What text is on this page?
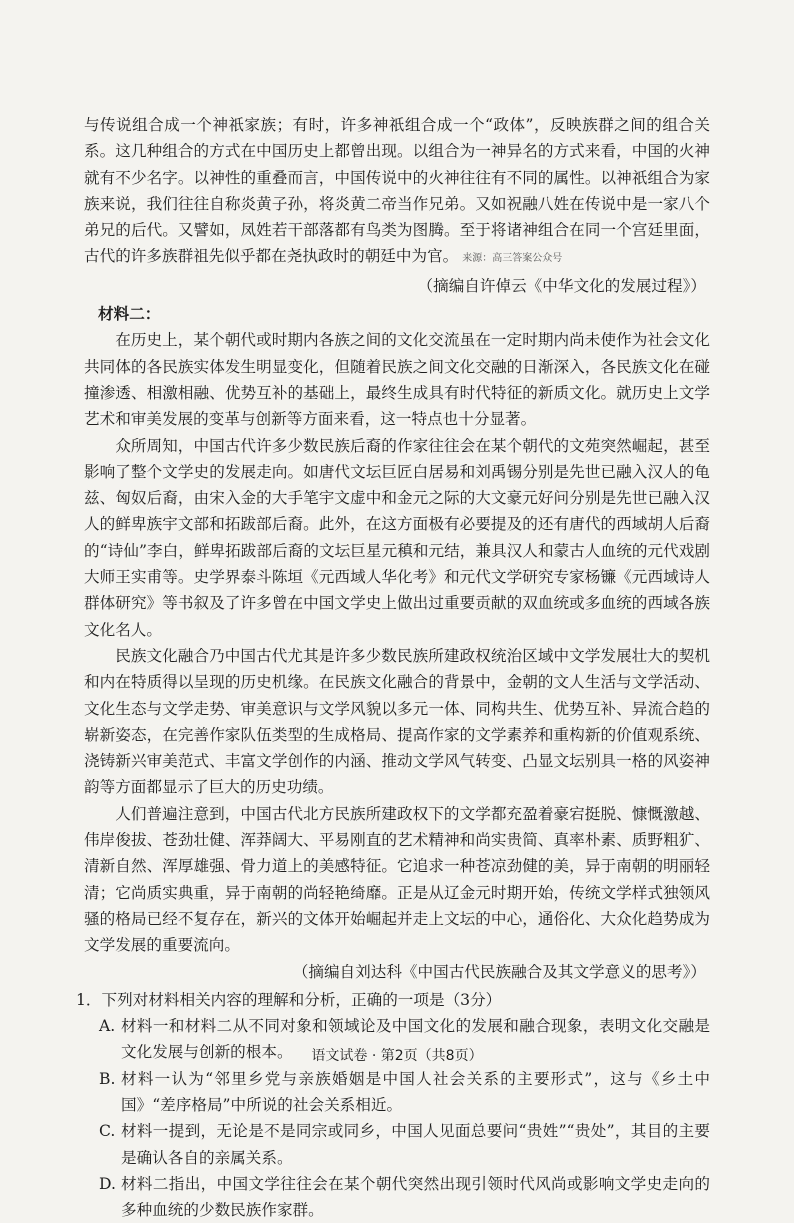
与传说组合成一个神祇家族；有时，许多神祇组合成一个“政体”，反映族群之间的组合关系。这几种组合的方式在中国历史上都曾出现。以组合为一神异名的方式来看，中国的火神就有不少名字。以神性的重叠而言，中国传说中的火神往往有不同的属性。以神祇组合为家族来说，我们往往自称炎黄子孙，将炎黄二帝当作兄弟。又如祝融八姓在传说中是一家八个弟兄的后代。又譬如，凤姓若干部落都有鸟类为图腾。至于将诸神组合在同一个宫廷里面，古代的许多族群祖先似乎都在尧执政时的朝廷中为官。 来源：高三答案公众号

（摘编自许倬云《中华文化的发展过程》）

材料二：

在历史上，某个朝代或时期内各族之间的文化交流虽在一定时期内尚未使作为社会文化共同体的各民族实体发生明显变化，但随着民族之间文化交融的日渐深入，各民族文化在碰撞渗透、相激相融、优势互补的基础上，最终生成具有时代特征的新质文化。就历史上文学艺术和审美发展的变革与创新等方面来看，这一特点也十分显著。

众所周知，中国古代许多少数民族后裔的作家往往会在某个朝代的文苑突然崛起，甚至影响了整个文学史的发展走向。如唐代文坛巨匠白居易和刘禹锡分别是先世已融入汉人的龟兹、匈奴后裔，由宋入金的大手笔宇文虚中和金元之际的大文豪元好问分别是先世已融入汉人的鲜卑族宇文部和拓跋部后裔。此外，在这方面极有必要提及的还有唐代的西域胡人后裔的“诗仙”李白，鲜卑拓跋部后裔的文坛巨星元稹和元结，兼具汉人和蒙古人血统的元代戏剧大师王实甫等。史学界泰斗陈垣《元西域人华化考》和元代文学研究专家杨镰《元西域诗人群体研究》等书叙及了许多曾在中国文学史上做出过重要贡献的双血统或多血统的西域各族文化名人。

民族文化融合乃中国古代尤其是许多少数民族所建政权统治区域中文学发展壮大的契机和内在特质得以呈现的历史机缘。在民族文化融合的背景中，金朝的文人生活与文学活动、文化生态与文学走势、审美意识与文学风貌以多元一体、同构共生、优势互补、异流合趋的崭新姿态，在完善作家队伍类型的生成格局、提高作家的文学素养和重构新的价值观系统、浇铸新兴审美范式、丰富文学创作的内涵、推动文学风气转变、凸显文坛别具一格的风姿神韵等方面都显示了巨大的历史功绩。

人们普遍注意到，中国古代北方民族所建政权下的文学都充盈着豪宕挺脱、慷慨激越、伟岸俊拔、苍劲壮健、浑莽阔大、平易刚直的艺术精神和尚实贵简、真率朴素、质野粗犷、清新自然、浑厚雄强、骨力道上的美感特征。它追求一种苍凉劲健的美，异于南朝的明丽轻清；它尚质实典重，异于南朝的尚轻艳绮靡。正是从辽金元时期开始，传统文学样式独领风骚的格局已经不复存在，新兴的文体开始崛起并走上文坛的中心，通俗化、大众化趋势成为文学发展的重要流向。

（摘编自刘达科《中国古代民族融合及其文学意义的思考》）

1．下列对材料相关内容的理解和分析，正确的一项是（3分）

A. 材料一和材料二从不同对象和领域论及中国文化的发展和融合现象，表明文化交融是文化发展与创新的根本。
B. 材料一认为“邻里乡党与亲族婚姻是中国人社会关系的主要形式”，这与《乡土中国》“差序格局”中所说的社会关系相近。
C. 材料一提到，无论是不是同宗或同乡，中国人见面总要问“贵姓”“贵处”，其目的主要是确认各自的亲属关系。
D. 材料二指出，中国文学往往会在某个朝代突然出现引领时代风尚或影响文学史走向的多种血统的少数民族作家群。
语文试卷 · 第2页（共8页）
